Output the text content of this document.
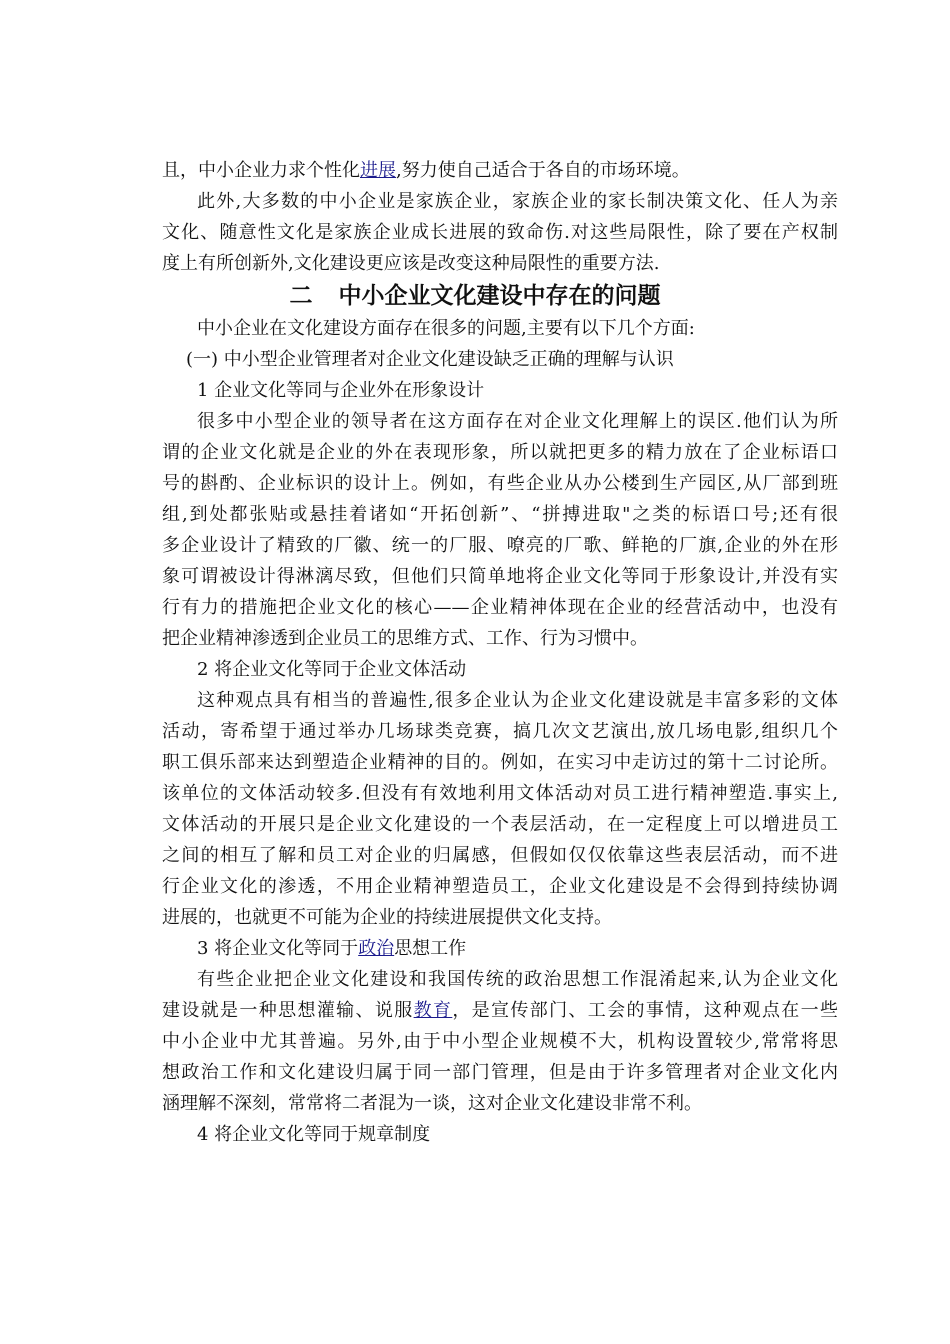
且，中小企业力求个性化进展,努力使自己适合于各自的市场环境。
此外,大多数的中小企业是家族企业，家族企业的家长制决策文化、任人为亲
文化、随意性文化是家族企业成长进展的致命伤.对这些局限性，除了要在产权制
度上有所创新外,文化建设更应该是改变这种局限性的重要方法.
二 中小企业文化建设中存在的问题
中小企业在文化建设方面存在很多的问题,主要有以下几个方面:
(一) 中小型企业管理者对企业文化建设缺乏正确的理解与认识
1 企业文化等同与企业外在形象设计
很多中小型企业的领导者在这方面存在对企业文化理解上的误区.他们认为所
谓的企业文化就是企业的外在表现形象，所以就把更多的精力放在了企业标语口
号的斟酌、企业标识的设计上。例如，有些企业从办公楼到生产园区,从厂部到班
组,到处都张贴或悬挂着诸如“开拓创新”、“拼搏进取"之类的标语口号;还有很
多企业设计了精致的厂徽、统一的厂服、嘹亮的厂歌、鲜艳的厂旗,企业的外在形
象可谓被设计得淋漓尽致，但他们只简单地将企业文化等同于形象设计,并没有实
行有力的措施把企业文化的核心——企业精神体现在企业的经营活动中，也没有
把企业精神渗透到企业员工的思维方式、工作、行为习惯中。
2 将企业文化等同于企业文体活动
这种观点具有相当的普遍性,很多企业认为企业文化建设就是丰富多彩的文体
活动，寄希望于通过举办几场球类竞赛，搞几次文艺演出,放几场电影,组织几个
职工俱乐部来达到塑造企业精神的目的。例如，在实习中走访过的第十二讨论所。
该单位的文体活动较多.但没有有效地利用文体活动对员工进行精神塑造.事实上,
文体活动的开展只是企业文化建设的一个表层活动，在一定程度上可以增进员工
之间的相互了解和员工对企业的归属感，但假如仅仅依靠这些表层活动，而不进
行企业文化的渗透，不用企业精神塑造员工，企业文化建设是不会得到持续协调
进展的，也就更不可能为企业的持续进展提供文化支持。
3 将企业文化等同于政治思想工作
有些企业把企业文化建设和我国传统的政治思想工作混淆起来,认为企业文化
建设就是一种思想灌输、说服教育，是宣传部门、工会的事情，这种观点在一些
中小企业中尤其普遍。另外,由于中小型企业规模不大，机构设置较少,常常将思
想政治工作和文化建设归属于同一部门管理，但是由于许多管理者对企业文化内
涵理解不深刻，常常将二者混为一谈，这对企业文化建设非常不利。
4 将企业文化等同于规章制度
